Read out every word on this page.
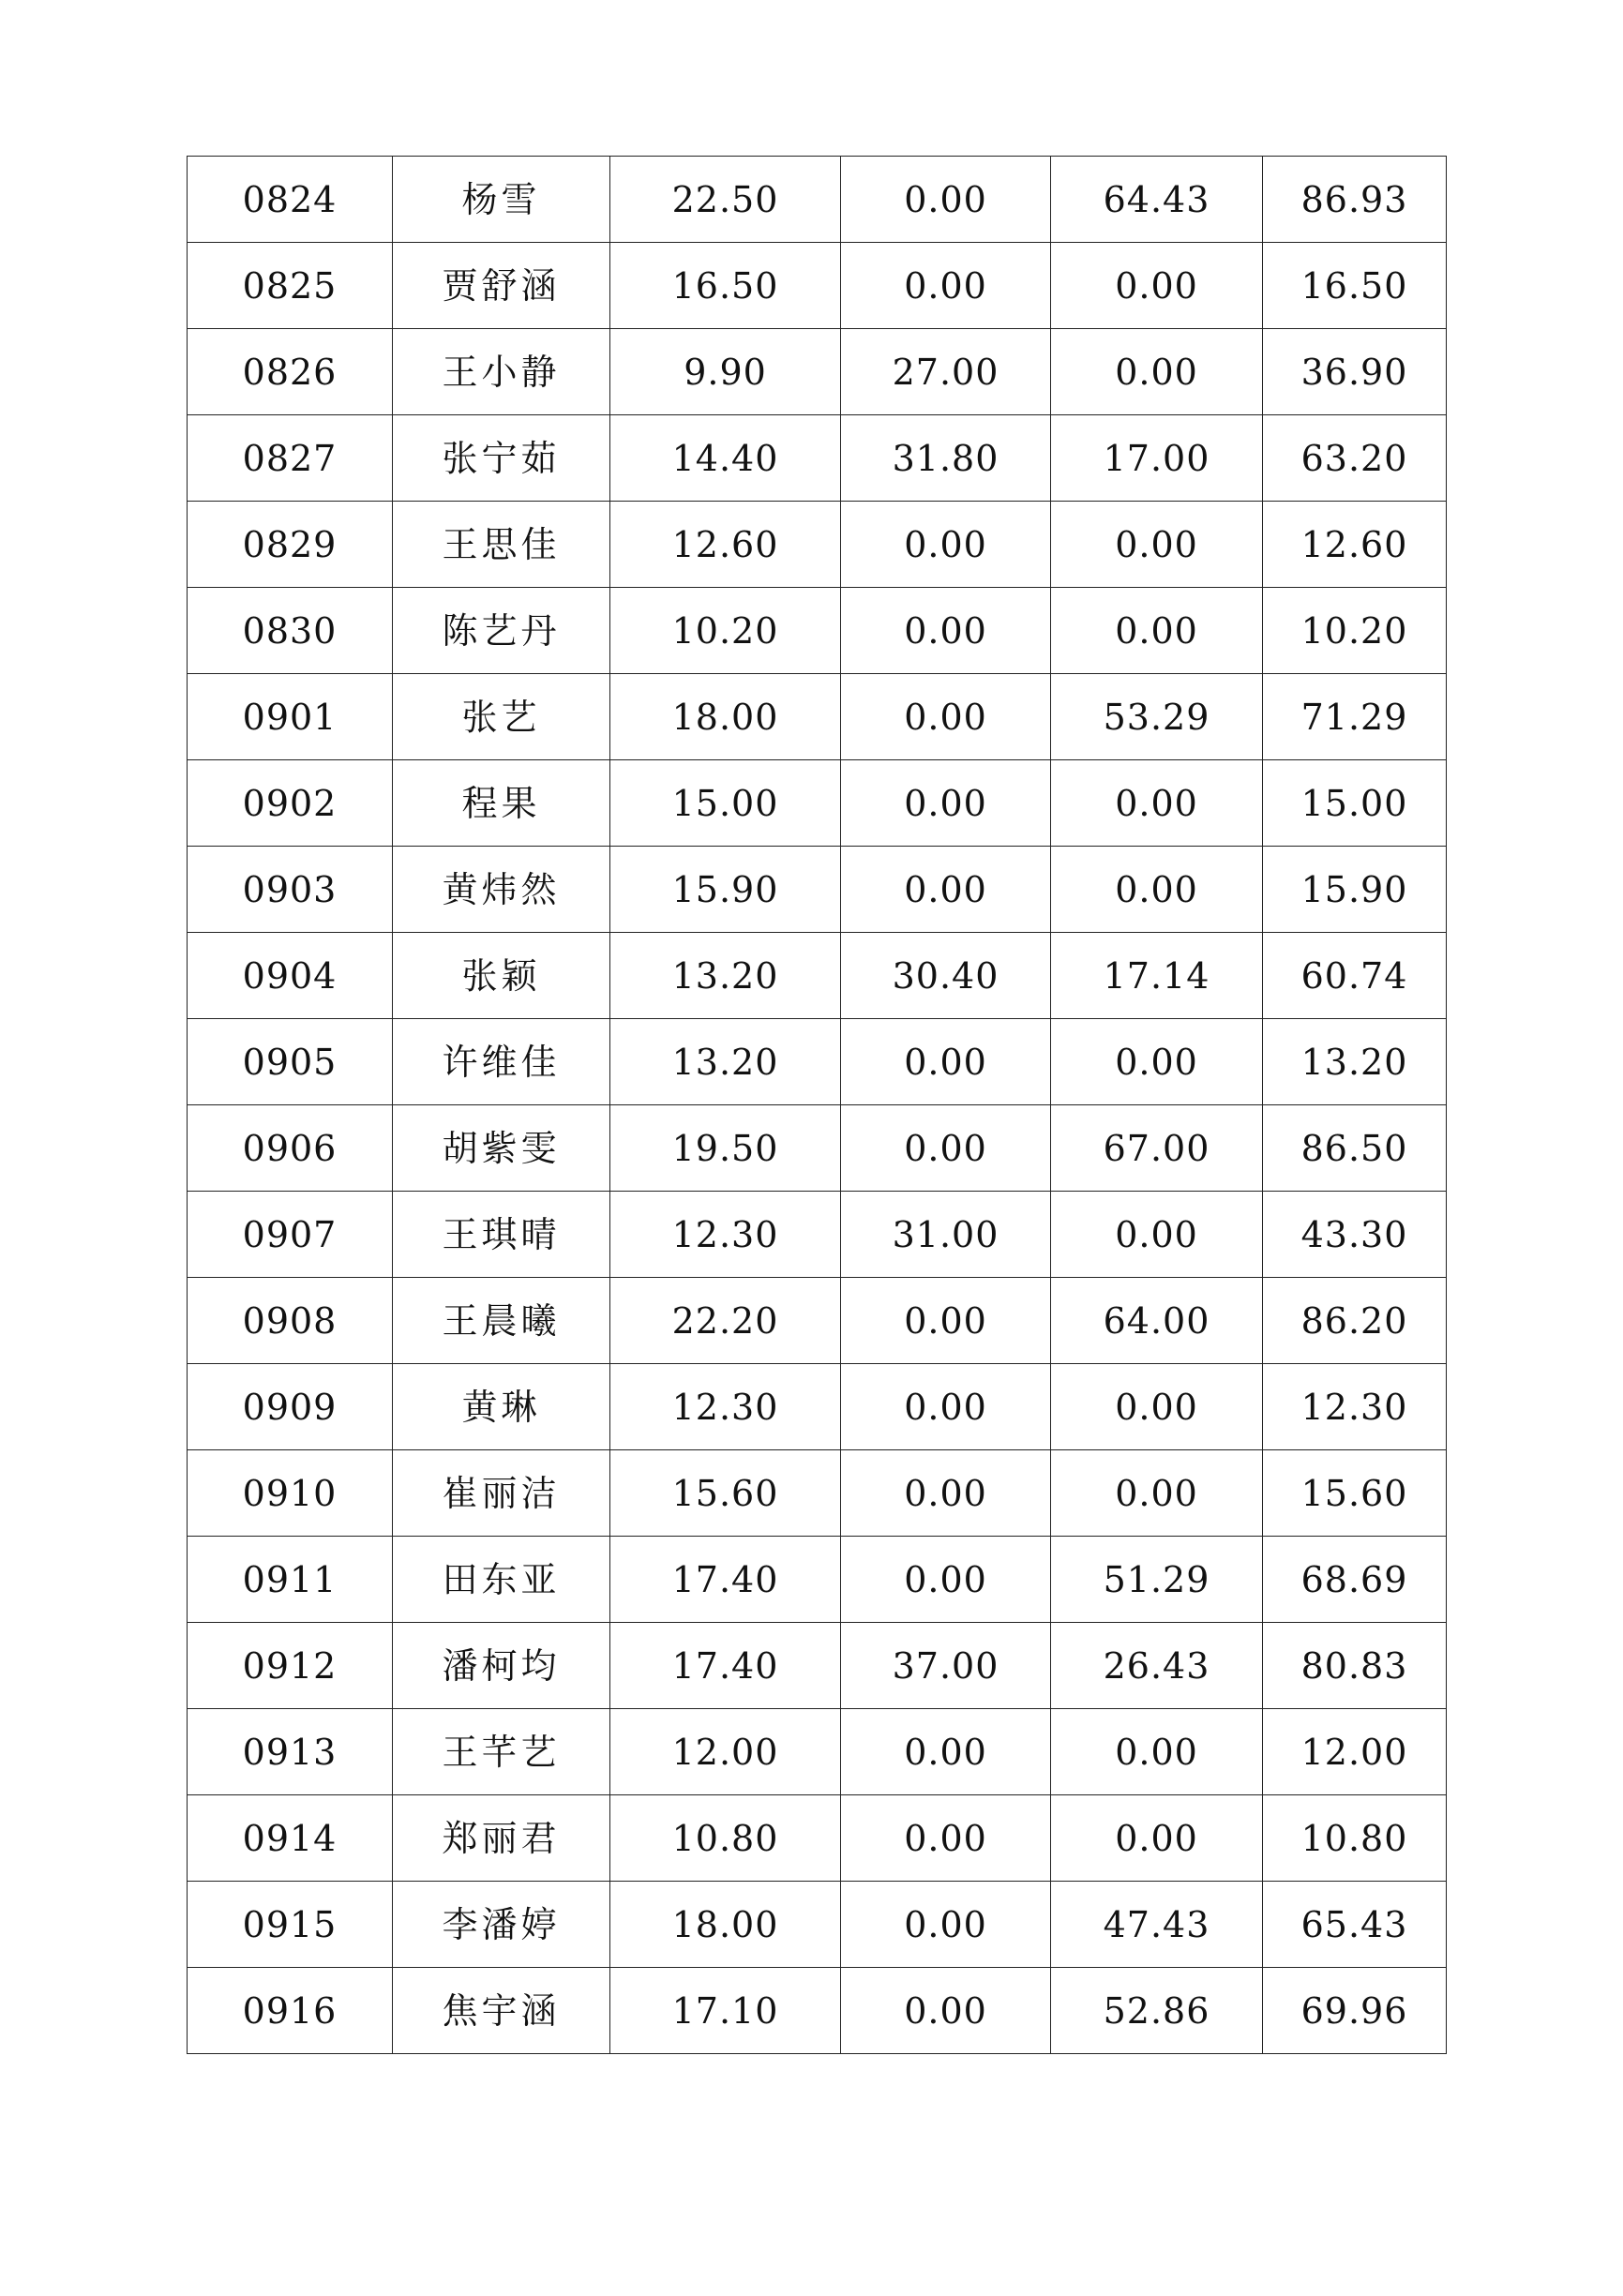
0824	杨雪	22.50	0.00	64.43	86.93
0825	贾舒涵	16.50	0.00	0.00	16.50
0826	王小静	9.90	27.00	0.00	36.90
0827	张宁茹	14.40	31.80	17.00	63.20
0829	王思佳	12.60	0.00	0.00	12.60
0830	陈艺丹	10.20	0.00	0.00	10.20
0901	张艺	18.00	0.00	53.29	71.29
0902	程果	15.00	0.00	0.00	15.00
0903	黄炜然	15.90	0.00	0.00	15.90
0904	张颖	13.20	30.40	17.14	60.74
0905	许维佳	13.20	0.00	0.00	13.20
0906	胡紫雯	19.50	0.00	67.00	86.50
0907	王琪晴	12.30	31.00	0.00	43.30
0908	王晨曦	22.20	0.00	64.00	86.20
0909	黄琳	12.30	0.00	0.00	12.30
0910	崔丽洁	15.60	0.00	0.00	15.60
0911	田东亚	17.40	0.00	51.29	68.69
0912	潘柯均	17.40	37.00	26.43	80.83
0913	王芊艺	12.00	0.00	0.00	12.00
0914	郑丽君	10.80	0.00	0.00	10.80
0915	李潘婷	18.00	0.00	47.43	65.43
0916	焦宇涵	17.10	0.00	52.86	69.96
